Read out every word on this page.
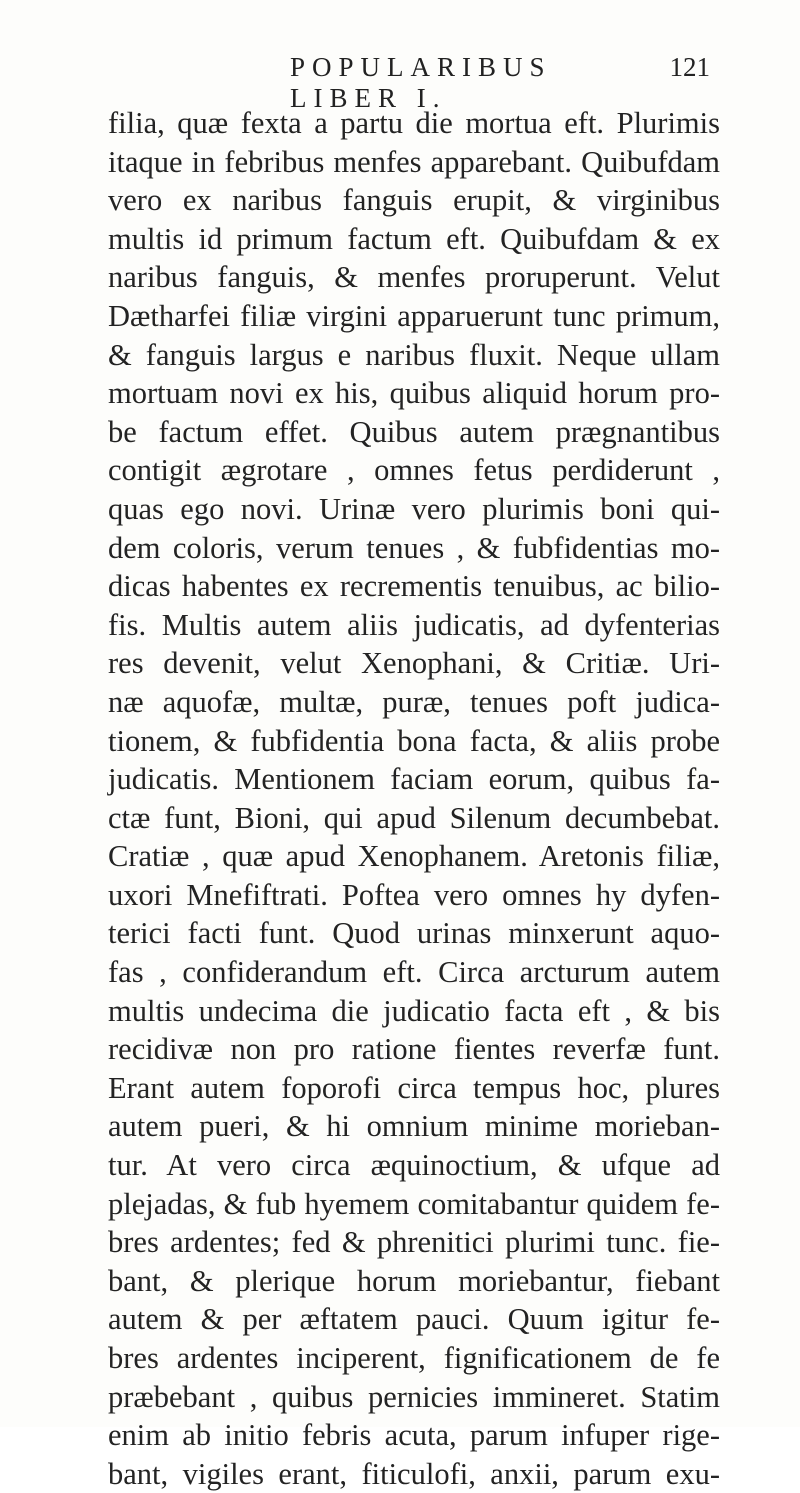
POPULARIBUS LIBER I.
121
filia, quæ fexta a partu die mortua eft. Plurimis
itaque in febribus menfes apparebant. Quibufdam
vero ex naribus fanguis erupit, & virginibus
multis id primum factum eft. Quibufdam & ex
naribus fanguis, & menfes proruperunt. Velut
Dætharfei filiæ virgini apparuerunt tunc primum,
& fanguis largus e naribus fluxit. Neque ullam
mortuam novi ex his, quibus aliquid horum pro-
be factum effet. Quibus autem prægnantibus
contigit ægrotare , omnes fetus perdiderunt ,
quas ego novi. Urinæ vero plurimis boni qui-
dem coloris, verum tenues , & fubfidentias mo-
dicas habentes ex recrementis tenuibus, ac bilio-
fis. Multis autem aliis judicatis, ad dyfenterias
res devenit, velut Xenophani, & Critiæ. Uri-
næ aquofæ, multæ, puræ, tenues poft judica-
tionem, & fubfidentia bona facta, & aliis probe
judicatis. Mentionem faciam eorum, quibus fa-
ctæ funt, Bioni, qui apud Silenum decumbebat.
Cratiæ , quæ apud Xenophanem. Aretonis filiæ,
uxori Mnefiftrati. Poftea vero omnes hy dyfen-
terici facti funt. Quod urinas minxerunt aquo-
fas , confiderandum eft. Circa arcturum autem
multis undecima die judicatio facta eft , & bis
recidivæ non pro ratione fientes reverfæ funt.
Erant autem foporofi circa tempus hoc, plures
autem pueri, & hi omnium minime morieban-
tur. At vero circa æquinoctium, & ufque ad
plejadas, & fub hyemem comitabantur quidem fe-
bres ardentes; fed & phrenitici plurimi tunc. fie-
bant, & plerique horum moriebantur, fiebant
autem & per æftatem pauci. Quum igitur fe-
bres ardentes inciperent, fignificationem de fe
præbebant , quibus pernicies immineret. Statim
enim ab initio febris acuta, parum infuper rige-
bant, vigiles erant, fiticulofi, anxii, parum exu-
